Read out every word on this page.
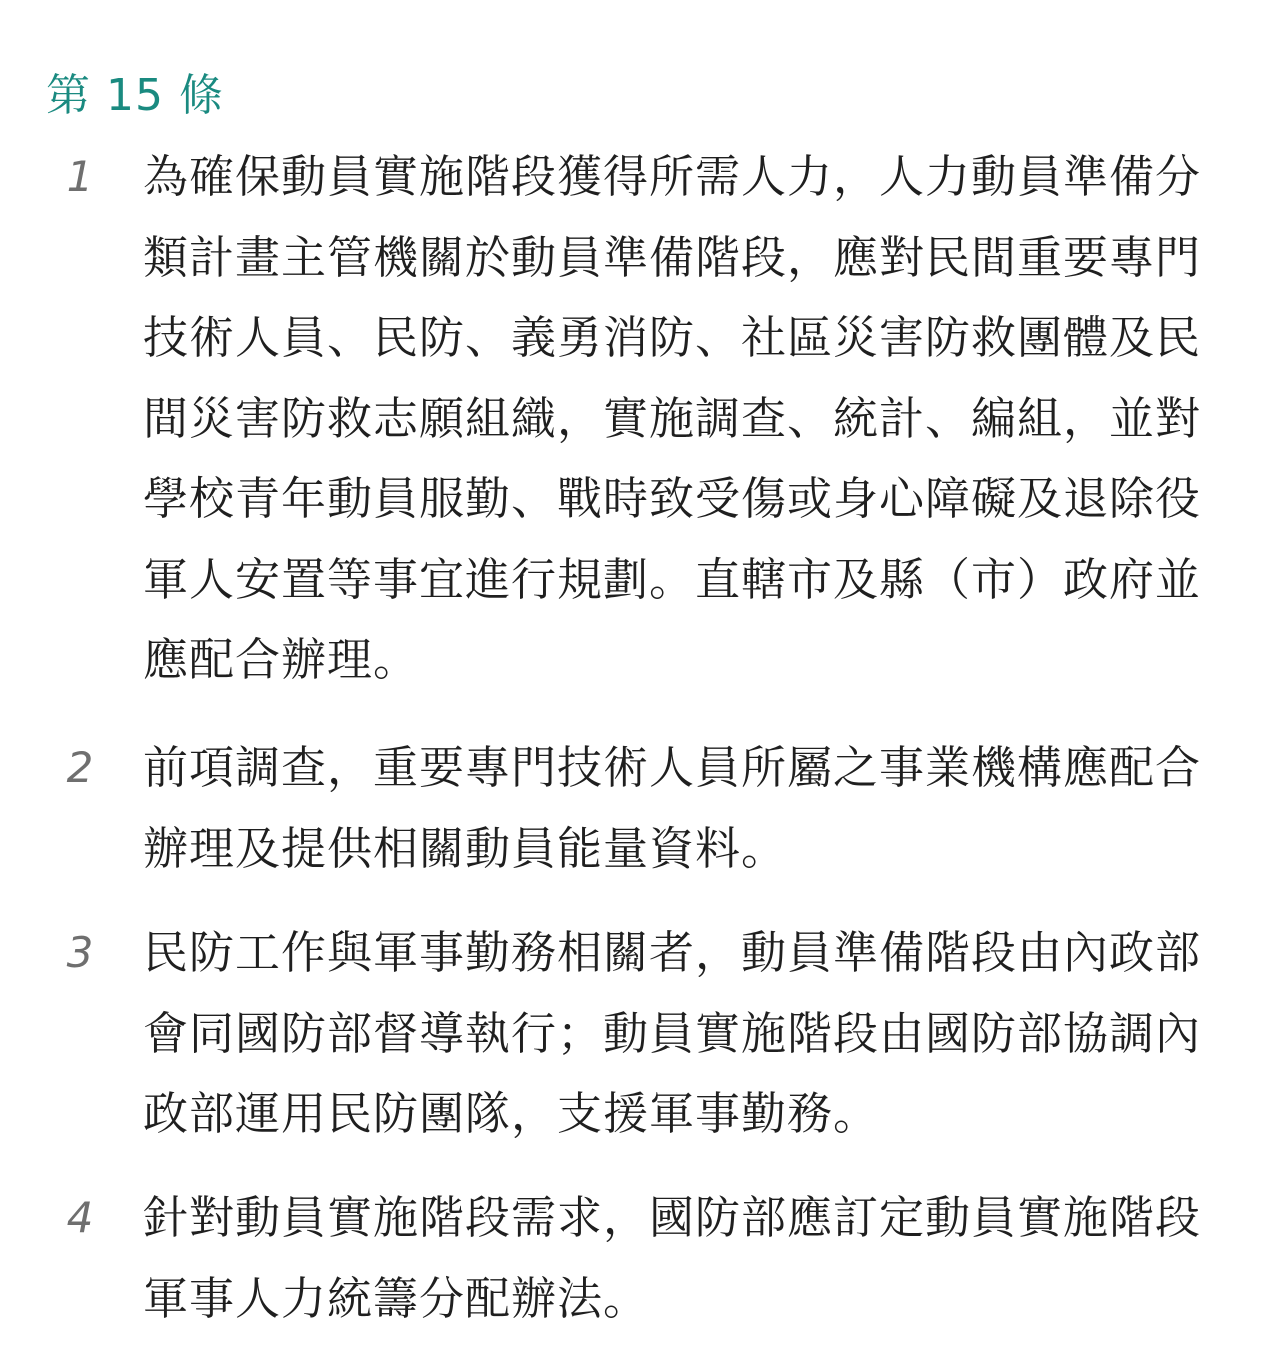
第 15 條
1 為確保動員實施階段獲得所需人力，人力動員準備分類計畫主管機關於動員準備階段，應對民間重要專門技術人員、民防、義勇消防、社區災害防救團體及民間災害防救志願組織，實施調查、統計、編組，並對學校青年動員服勤、戰時致受傷或身心障礙及退除役軍人安置等事宜進行規劃。直轄市及縣（市）政府並應配合辦理。
2 前項調查，重要專門技術人員所屬之事業機構應配合辦理及提供相關動員能量資料。
3 民防工作與軍事勤務相關者，動員準備階段由內政部會同國防部督導執行；動員實施階段由國防部協調內政部運用民防團隊，支援軍事勤務。
4 針對動員實施階段需求，國防部應訂定動員實施階段軍事人力統籌分配辦法。
